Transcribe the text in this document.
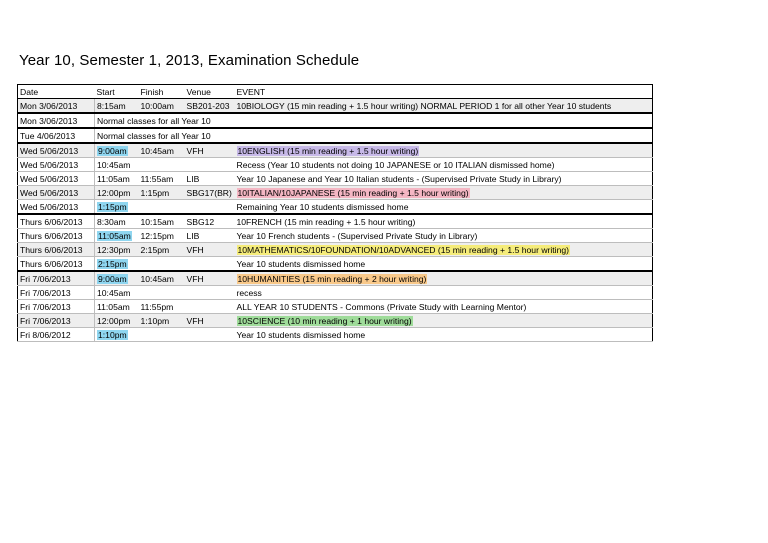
Year 10, Semester 1, 2013, Examination Schedule
Date	Start	Finish	Venue	EVENT
Mon 3/06/2013	8:15am	10:00am	SB201-203	10BIOLOGY (15 min reading + 1.5 hour writing) NORMAL PERIOD 1 for all other Year 10 students
Mon 3/06/2013	Normal classes for all Year 10			
Tue 4/06/2013	Normal classes for all Year 10			
Wed 5/06/2013	9:00am	10:45am	VFH	10ENGLISH (15 min reading + 1.5 hour writing)
Wed 5/06/2013	10:45am			Recess (Year 10 students not doing 10 JAPANESE or 10 ITALIAN dismissed home)
Wed 5/06/2013	11:05am	11:55am	LIB	Year 10 Japanese and Year 10 Italian students - (Supervised Private Study in Library)
Wed 5/06/2013	12:00pm	1:15pm	SBG17(BR)	10ITALIAN/10JAPANESE (15 min reading + 1.5 hour writing)
Wed 5/06/2013	1:15pm			Remaining Year 10 students dismissed home
Thurs 6/06/2013	8:30am	10:15am	SBG12	10FRENCH (15 min reading + 1.5 hour writing)
Thurs 6/06/2013	11:05am	12:15pm	LIB	Year 10 French students - (Supervised Private Study in Library)
Thurs 6/06/2013	12:30pm	2:15pm	VFH	10MATHEMATICS/10FOUNDATION/10ADVANCED (15 min reading + 1.5 hour writing)
Thurs 6/06/2013	2:15pm			Year 10 students dismissed home
Fri 7/06/2013	9:00am	10:45am	VFH	10HUMANITIES (15 min reading + 2 hour writing)
Fri 7/06/2013	10:45am			recess
Fri 7/06/2013	11:05am	11:55pm		ALL YEAR 10 STUDENTS - Commons (Private Study with Learning Mentor)
Fri 7/06/2013	12:00pm	1:10pm	VFH	10SCIENCE (10 min reading + 1 hour writing)
Fri 8/06/2012	1:10pm			Year 10 students dismissed home
